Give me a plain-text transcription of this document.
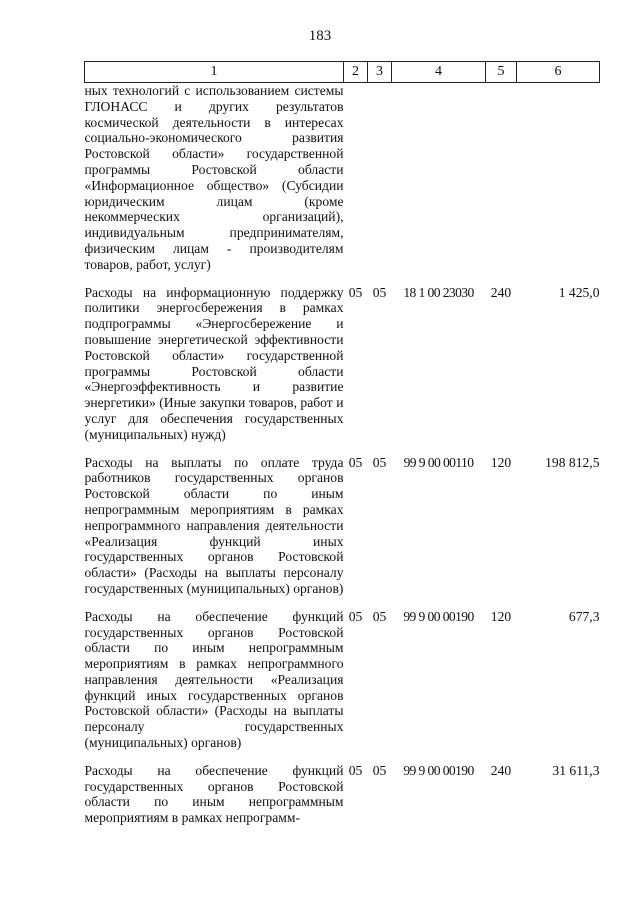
183
1	2	3	4	5	6
ных технологий с использованием системы ГЛОНАСС и других результатов космической деятельности в интересах социально-экономического развития Ростовской области» государственной программы Ростовской области «Информационное общество» (Субсидии юридическим лицам (кроме некоммерческих организаций), индивидуальным предпринимателям, физическим лицам - производителям товаров, работ, услуг)					

Расходы на информационную поддержку политики энергосбережения в рамках подпрограммы «Энергосбережение и повышение энергетической эффективности Ростовской области» государственной программы Ростовской области «Энергоэффективность и развитие энергетики» (Иные закупки товаров, работ и услуг для обеспечения государственных (муниципальных) нужд)	05	05	18 1 00 23030	240	1 425,0

Расходы на выплаты по оплате труда работников государственных органов Ростовской области по иным непрограммным мероприятиям в рамках непрограммного направления деятельности «Реализация функций иных государственных органов Ростовской области» (Расходы на выплаты персоналу государственных (муниципальных) органов)	05	05	99 9 00 00110	120	198 812,5

Расходы на обеспечение функций государственных органов Ростовской области по иным непрограммным мероприятиям в рамках непрограммного направления деятельности «Реализация функций иных государственных органов Ростовской области» (Расходы на выплаты персоналу государственных (муниципальных) органов)	05	05	99 9 00 00190	120	677,3

Расходы на обеспечение функций государственных органов Ростовской области по иным непрограммным мероприятиям в рамках непрограмм-	05	05	99 9 00 00190	240	31 611,3
